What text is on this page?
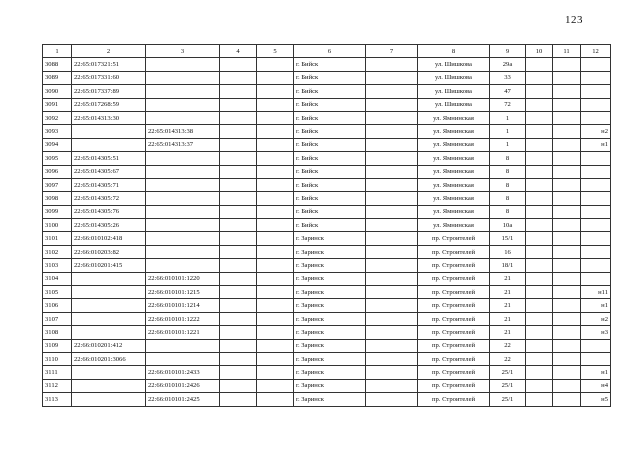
123
1	2	3	4	5	6	7	8	9	10	11	12
3088	22:65:017321:51				г. Бийск		ул. Шишкова	29а			
3089	22:65:017331:60				г. Бийск		ул. Шишкова	33			
3090	22:65:017337:89				г. Бийск		ул. Шишкова	47			
3091	22:65:017268:59				г. Бийск		ул. Шишкова	72			
3092	22:65:014313:30				г. Бийск		ул. Ямнинская	1			
3093		22:65:014313:38			г. Бийск		ул. Ямнинская	1			н2
3094		22:65:014313:37			г. Бийск		ул. Ямнинская	1			н1
3095	22:65:014305:51				г. Бийск		ул. Ямнинская	8			
3096	22:65:014305:67				г. Бийск		ул. Ямнинская	8			
3097	22:65:014305:71				г. Бийск		ул. Ямнинская	8			
3098	22:65:014305:72				г. Бийск		ул. Ямнинская	8			
3099	22:65:014305:76				г. Бийск		ул. Ямнинская	8			
3100	22:65:014305:26				г. Бийск		ул. Ямнинская	10а			
3101	22:66:010102:418				г. Заринск		пр. Строителей	15/1			
3102	22:66:010203:82				г. Заринск		пр. Строителей	16			
3103	22:66:010201:415				г. Заринск		пр. Строителей	18/1			
3104		22:66:010101:1220			г. Заринск		пр. Строителей	21			
3105		22:66:010101:1215			г. Заринск		пр. Строителей	21			н11
3106		22:66:010101:1214			г. Заринск		пр. Строителей	21			н1
3107		22:66:010101:1222			г. Заринск		пр. Строителей	21			н2
3108		22:66:010101:1221			г. Заринск		пр. Строителей	21			н3
3109	22:66:010201:412				г. Заринск		пр. Строителей	22			
3110	22:66:010201:3066				г. Заринск		пр. Строителей	22			
3111		22:66:010101:2433			г. Заринск		пр. Строителей	25/1			н1
3112		22:66:010101:2426			г. Заринск		пр. Строителей	25/1			н4
3113		22:66:010101:2425			г. Заринск		пр. Строителей	25/1			н5
